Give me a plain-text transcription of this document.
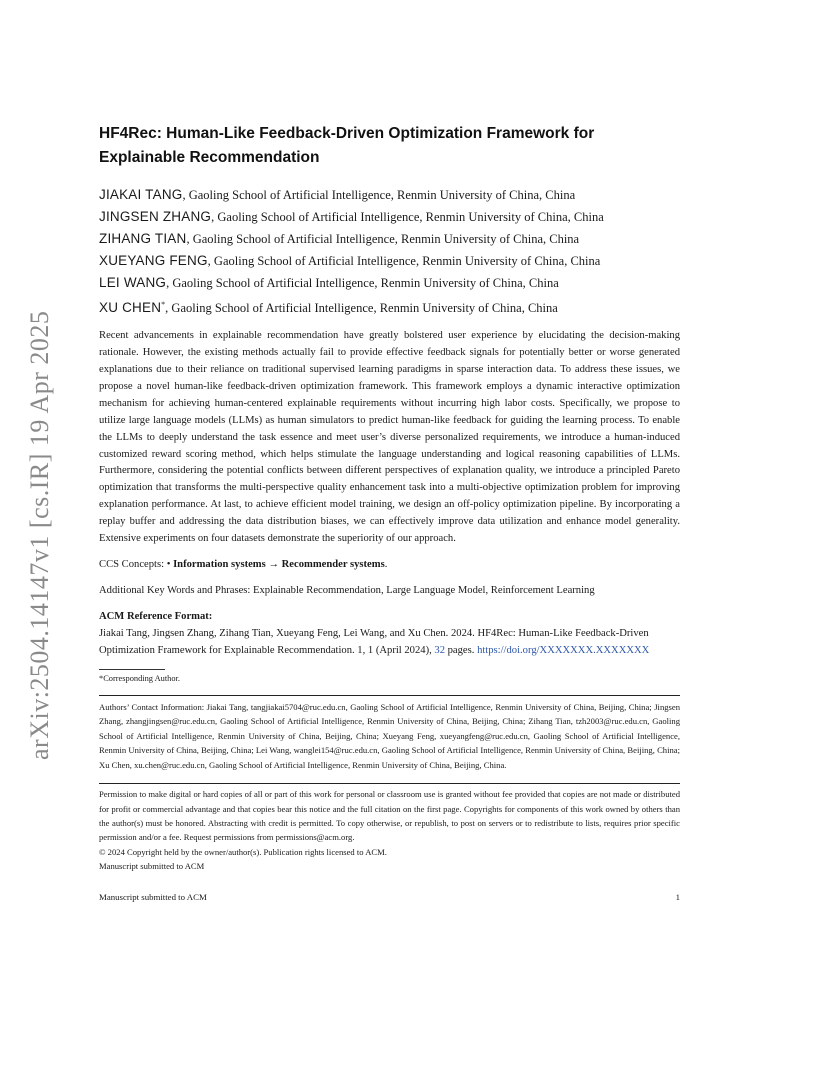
arXiv:2504.14147v1 [cs.IR] 19 Apr 2025
HF4Rec: Human-Like Feedback-Driven Optimization Framework for Explainable Recommendation

JIAKAI TANG, Gaoling School of Artificial Intelligence, Renmin University of China, China

JINGSEN ZHANG, Gaoling School of Artificial Intelligence, Renmin University of China, China

ZIHANG TIAN, Gaoling School of Artificial Intelligence, Renmin University of China, China

XUEYANG FENG, Gaoling School of Artificial Intelligence, Renmin University of China, China

LEI WANG, Gaoling School of Artificial Intelligence, Renmin University of China, China

XU CHEN*, Gaoling School of Artificial Intelligence, Renmin University of China, China

Recent advancements in explainable recommendation have greatly bolstered user experience by elucidating the decision-making rationale. However, the existing methods actually fail to provide effective feedback signals for potentially better or worse generated explanations due to their reliance on traditional supervised learning paradigms in sparse interaction data. To address these issues, we propose a novel human-like feedback-driven optimization framework. This framework employs a dynamic interactive optimization mechanism for achieving human-centered explainable requirements without incurring high labor costs. Specifically, we propose to utilize large language models (LLMs) as human simulators to predict human-like feedback for guiding the learning process. To enable the LLMs to deeply understand the task essence and meet user’s diverse personalized requirements, we introduce a human-induced customized reward scoring method, which helps stimulate the language understanding and logical reasoning capabilities of LLMs. Furthermore, considering the potential conflicts between different perspectives of explanation quality, we introduce a principled Pareto optimization that transforms the multi-perspective quality enhancement task into a multi-objective optimization problem for improving explanation performance. At last, to achieve efficient model training, we design an off-policy optimization pipeline. By incorporating a replay buffer and addressing the data distribution biases, we can effectively improve data utilization and enhance model generality. Extensive experiments on four datasets demonstrate the superiority of our approach.
CCS Concepts: • Information systems → Recommender systems.
Additional Key Words and Phrases: Explainable Recommendation, Large Language Model, Reinforcement Learning
ACM Reference Format:
Jiakai Tang, Jingsen Zhang, Zihang Tian, Xueyang Feng, Lei Wang, and Xu Chen. 2024. HF4Rec: Human-Like Feedback-Driven Optimization Framework for Explainable Recommendation. 1, 1 (April 2024), 32 pages. https://doi.org/XXXXXXX.XXXXXXX
*Corresponding Author.
Authors’ Contact Information: Jiakai Tang, tangjiakai5704@ruc.edu.cn, Gaoling School of Artificial Intelligence, Renmin University of China, Beijing, China; Jingsen Zhang, zhangjingsen@ruc.edu.cn, Gaoling School of Artificial Intelligence, Renmin University of China, Beijing, China; Zihang Tian, tzh2003@ruc.edu.cn, Gaoling School of Artificial Intelligence, Renmin University of China, Beijing, China; Xueyang Feng, xueyangfeng@ruc.edu.cn, Gaoling School of Artificial Intelligence, Renmin University of China, Beijing, China; Lei Wang, wanglei154@ruc.edu.cn, Gaoling School of Artificial Intelligence, Renmin University of China, Beijing, China; Xu Chen, xu.chen@ruc.edu.cn, Gaoling School of Artificial Intelligence, Renmin University of China, Beijing, China.

Permission to make digital or hard copies of all or part of this work for personal or classroom use is granted without fee provided that copies are not made or distributed for profit or commercial advantage and that copies bear this notice and the full citation on the first page. Copyrights for components of this work owned by others than the author(s) must be honored. Abstracting with credit is permitted. To copy otherwise, or republish, to post on servers or to redistribute to lists, requires prior specific permission and/or a fee. Request permissions from permissions@acm.org.

© 2024 Copyright held by the owner/author(s). Publication rights licensed to ACM.

Manuscript submitted to ACM

Manuscript submitted to ACM	1
